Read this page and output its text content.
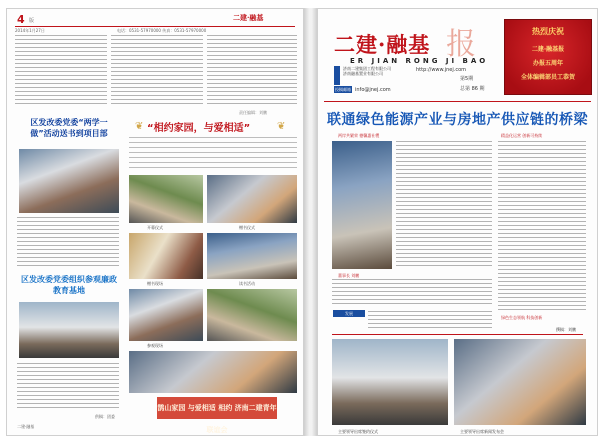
4 版	二建·融基
2014年1月27日	电话：0531-57970000 传真：0531-57970000
责任编辑：刘鹏
区发改委党委“两学一做”活动送书到项目部
区发改委党委组织参观廉政教育基地
二建·融基
❦ “相约家园，与爱相适”	❦
开幕仪式	赠书仪式
赠书现场	读书活动
参观现场
鹊山家园 与爱相适 相约 济南二建青年联谊会
供稿：团委
报
二建·融基
ER JIAN RONG JI BAO
济南二建集团工程有限公司
济南融基置业有限公司
http://www.jnej.com
第5期
总第 86 期
投稿邮箱 info@jnej.com
热烈庆祝
二建·融基报
办报五周年
全体编辑部员工恭贺
联通绿色能源产业与房地产供应链的桥梁
两岸共繁荣 德馨惠社稷
董事长 刘鹏
发展
精益化运营 创新可持续
绿色生态领航 科技创新
撰稿：刘鹏
主要领导出席签约仪式	主要领导出席新闻发布会
